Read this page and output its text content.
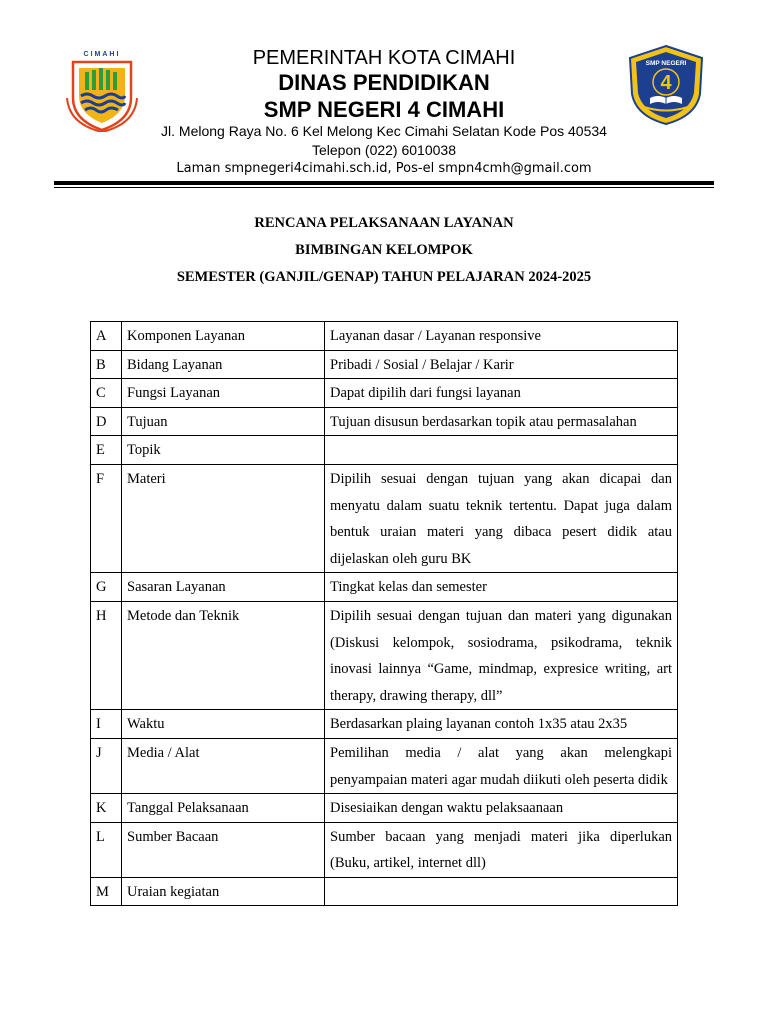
CIMAHI	PEMERINTAH KOTA CIMAHI
DINAS PENDIDIKAN
SMP NEGERI 4 CIMAHI
Jl. Melong Raya No. 6 Kel Melong Kec Cimahi Selatan Kode Pos 40534
Telepon (022) 6010038
Laman smpnegeri4cimahi.sch.id, Pos-el smpn4cmh@gmail.com
SMP NEGERI
4
RENCANA PELAKSANAAN LAYANAN
BIMBINGAN KELOMPOK
SEMESTER (GANJIL/GENAP) TAHUN PELAJARAN 2024-2025
A	Komponen Layanan	Layanan dasar / Layanan responsive
B	Bidang Layanan	Pribadi / Sosial / Belajar / Karir
C	Fungsi Layanan	Dapat dipilih dari fungsi layanan
D	Tujuan	Tujuan disusun berdasarkan topik atau permasalahan
E	Topik	
F	Materi	Dipilih sesuai dengan tujuan yang akan dicapai dan menyatu dalam suatu teknik tertentu. Dapat juga dalam bentuk uraian materi yang dibaca pesert didik atau dijelaskan oleh guru BK
G	Sasaran Layanan	Tingkat kelas dan semester
H	Metode dan Teknik	Dipilih sesuai dengan tujuan dan materi yang digunakan (Diskusi kelompok, sosiodrama, psikodrama, teknik inovasi lainnya “Game, mindmap, expresice writing, art therapy, drawing therapy, dll”
I	Waktu	Berdasarkan plaing layanan contoh 1x35 atau 2x35
J	Media / Alat	Pemilihan media / alat yang akan melengkapi penyampaian materi agar mudah diikuti oleh peserta didik
K	Tanggal Pelaksanaan	Disesiaikan dengan waktu pelaksaanaan
L	Sumber Bacaan	Sumber bacaan yang menjadi materi jika diperlukan (Buku, artikel, internet dll)
M	Uraian kegiatan	
